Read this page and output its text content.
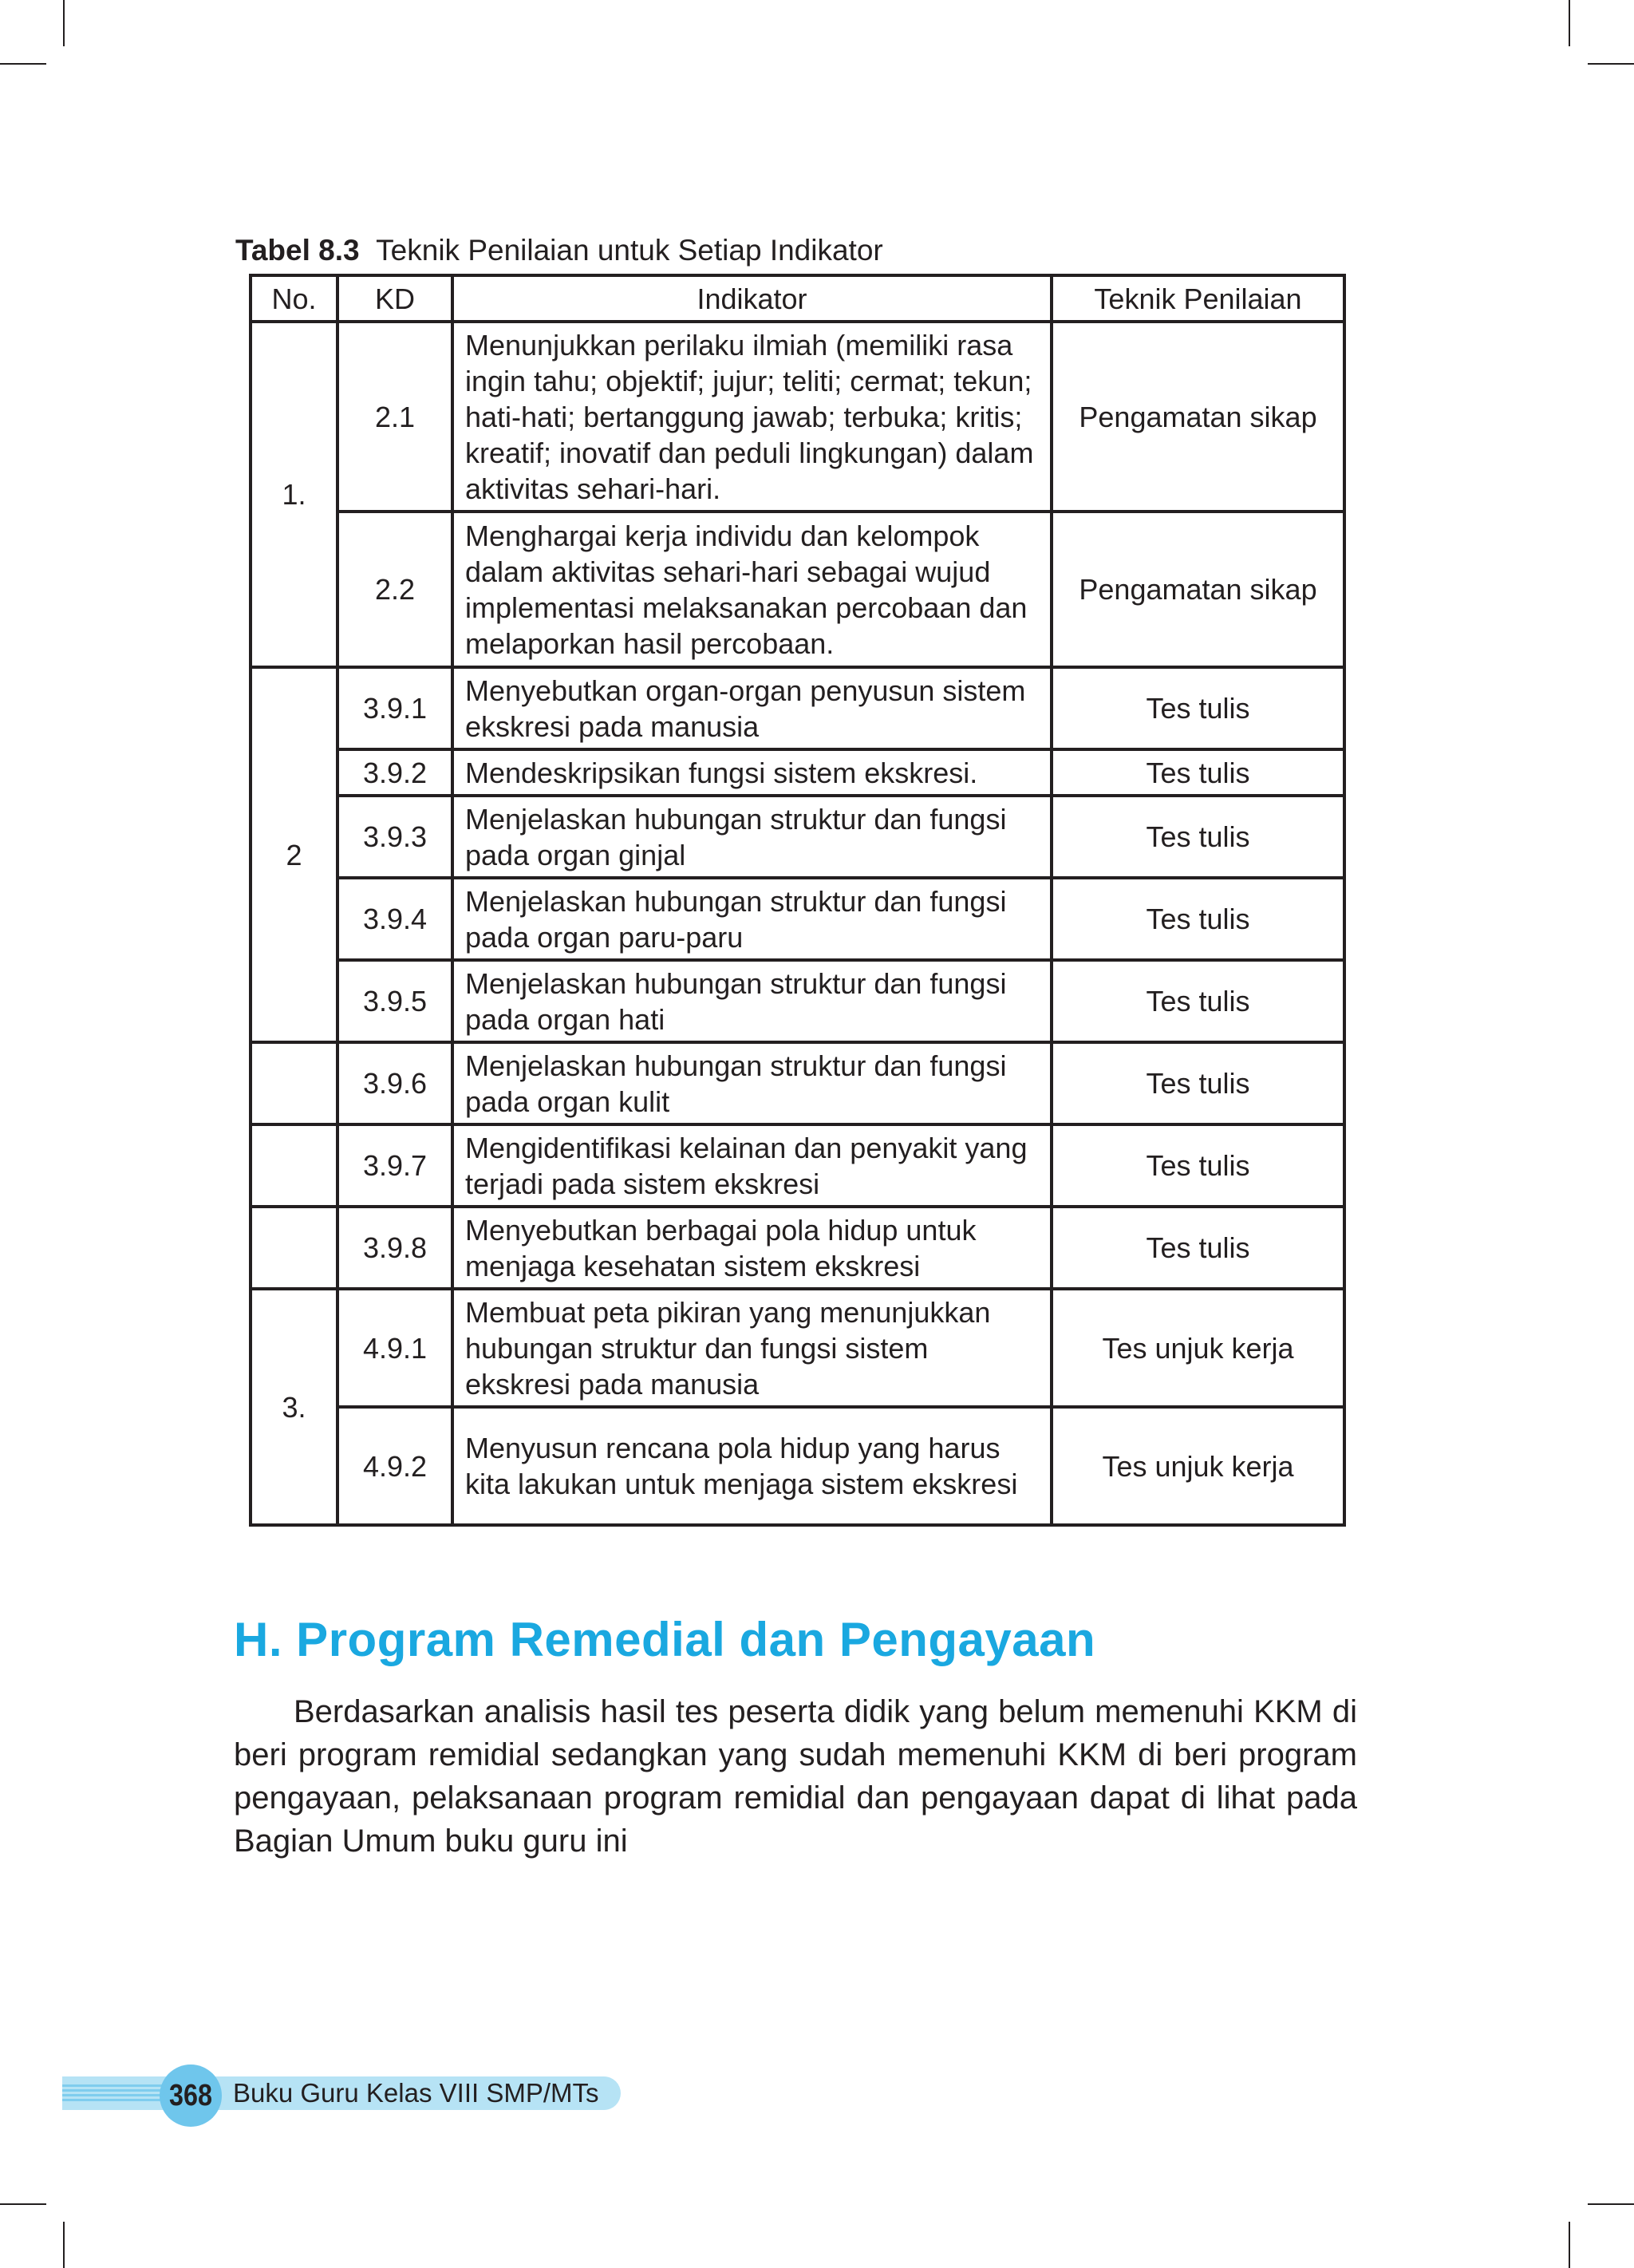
Tabel 8.3 Teknik Penilaian untuk Setiap Indikator
No.	KD	Indikator	Teknik Penilaian
1.	2.1	Menunjukkan perilaku ilmiah (memiliki rasa ingin tahu; objektif; jujur; teliti; cermat; tekun; hati-hati; bertanggung jawab; terbuka; kritis; kreatif; inovatif dan peduli lingkungan) dalam aktivitas sehari-hari.	Pengamatan sikap
	2.2	Menghargai kerja individu dan kelompok dalam aktivitas sehari-hari sebagai wujud implementasi melaksanakan percobaan dan melaporkan hasil percobaan.	Pengamatan sikap
2	3.9.1	Menyebutkan organ-organ penyusun sistem ekskresi pada manusia	Tes tulis
	3.9.2	Mendeskripsikan fungsi sistem ekskresi.	Tes tulis
	3.9.3	Menjelaskan hubungan struktur dan fungsi pada organ ginjal	Tes tulis
	3.9.4	Menjelaskan hubungan struktur dan fungsi pada organ paru-paru	Tes tulis
	3.9.5	Menjelaskan hubungan struktur dan fungsi pada organ hati	Tes tulis
	3.9.6	Menjelaskan hubungan struktur dan fungsi pada organ kulit	Tes tulis
	3.9.7	Mengidentifikasi kelainan dan penyakit yang terjadi pada sistem ekskresi	Tes tulis
	3.9.8	Menyebutkan berbagai pola hidup untuk menjaga kesehatan sistem ekskresi	Tes tulis
3.	4.9.1	Membuat peta pikiran yang menunjukkan hubungan struktur dan fungsi sistem ekskresi pada manusia	Tes unjuk kerja
	4.9.2	Menyusun rencana pola hidup yang harus kita lakukan untuk menjaga sistem ekskresi	Tes unjuk kerja
H. Program Remedial dan Pengayaan

Berdasarkan analisis hasil tes peserta didik yang belum memenuhi KKM di beri program remidial sedangkan yang sudah memenuhi KKM di beri program pengayaan, pelaksanaan program remidial dan pengayaan dapat di lihat pada Bagian Umum buku guru ini

368 Buku Guru Kelas VIII SMP/MTs
